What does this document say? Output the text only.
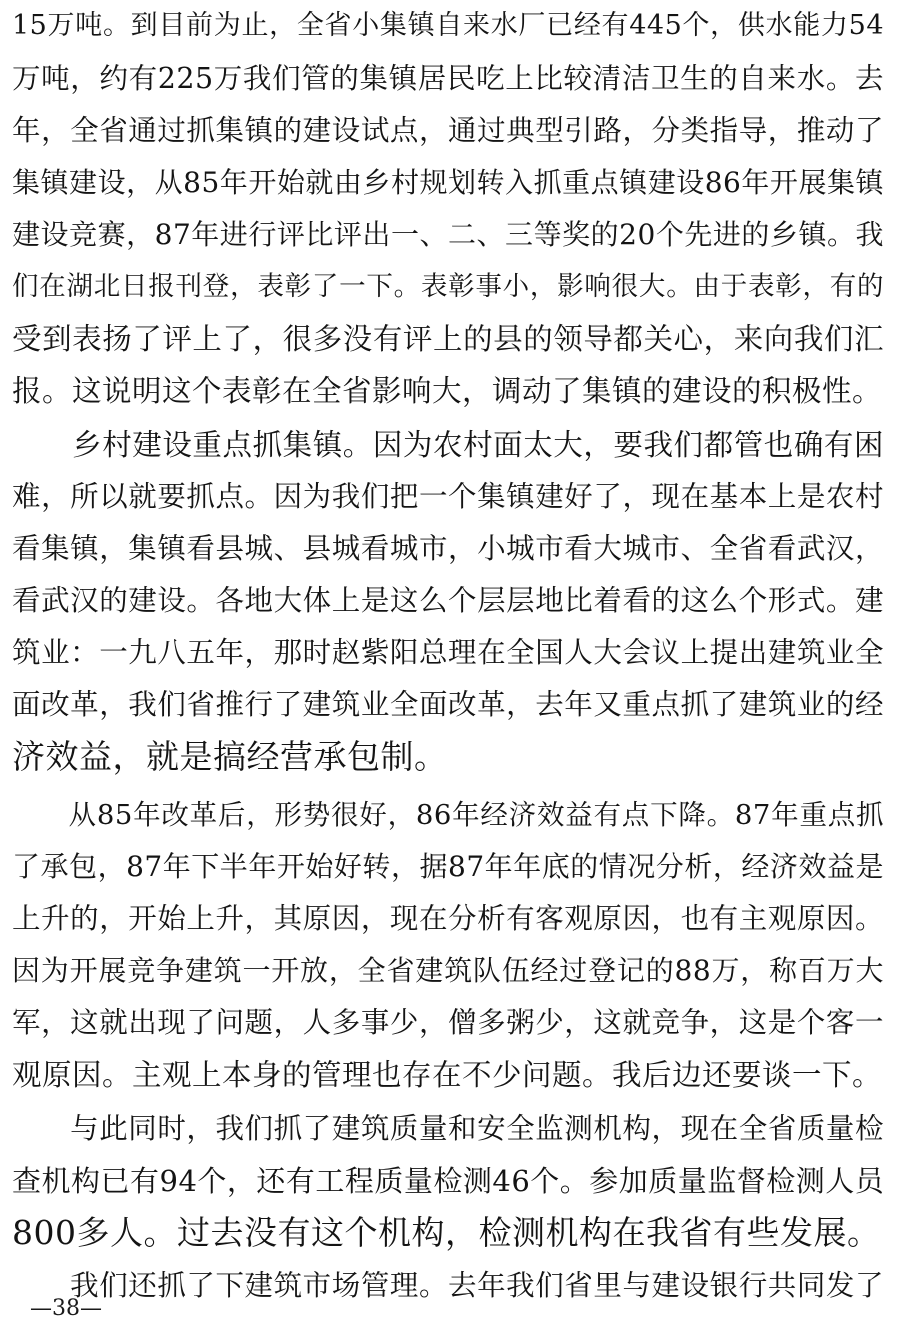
15万吨。到目前为止，全省小集镇自来水厂已经有445个，供水能力54
万吨，约有225万我们管的集镇居民吃上比较清洁卫生的自来水。去
年，全省通过抓集镇的建设试点，通过典型引路，分类指导，推动了
集镇建设，从85年开始就由乡村规划转入抓重点镇建设86年开展集镇
建设竞赛，87年进行评比评出一、二、三等奖的20个先进的乡镇。我
们在湖北日报刊登，表彰了一下。表彰事小，影响很大。由于表彰，有的
受到表扬了评上了，很多没有评上的县的领导都关心，来向我们汇
报。这说明这个表彰在全省影响大，调动了集镇的建设的积极性。
　　乡村建设重点抓集镇。因为农村面太大，要我们都管也确有困
难，所以就要抓点。因为我们把一个集镇建好了，现在基本上是农村
看集镇，集镇看县城、县城看城市，小城市看大城市、全省看武汉，
看武汉的建设。各地大体上是这么个层层地比着看的这么个形式。建
筑业：一九八五年，那时赵紫阳总理在全国人大会议上提出建筑业全
面改革，我们省推行了建筑业全面改革，去年又重点抓了建筑业的经
济效益，就是搞经营承包制。
　　从85年改革后，形势很好，86年经济效益有点下降。87年重点抓
了承包，87年下半年开始好转，据87年年底的情况分析，经济效益是
上升的，开始上升，其原因，现在分析有客观原因，也有主观原因。
因为开展竞争建筑一开放，全省建筑队伍经过登记的88万，称百万大
军，这就出现了问题，人多事少，僧多粥少，这就竞争，这是个客一
观原因。主观上本身的管理也存在不少问题。我后边还要谈一下。
　　与此同时，我们抓了建筑质量和安全监测机构，现在全省质量检
查机构已有94个，还有工程质量检测46个。参加质量监督检测人员
800多人。过去没有这个机构，检测机构在我省有些发展。
　　我们还抓了下建筑市场管理。去年我们省里与建设银行共同发了
—38—
